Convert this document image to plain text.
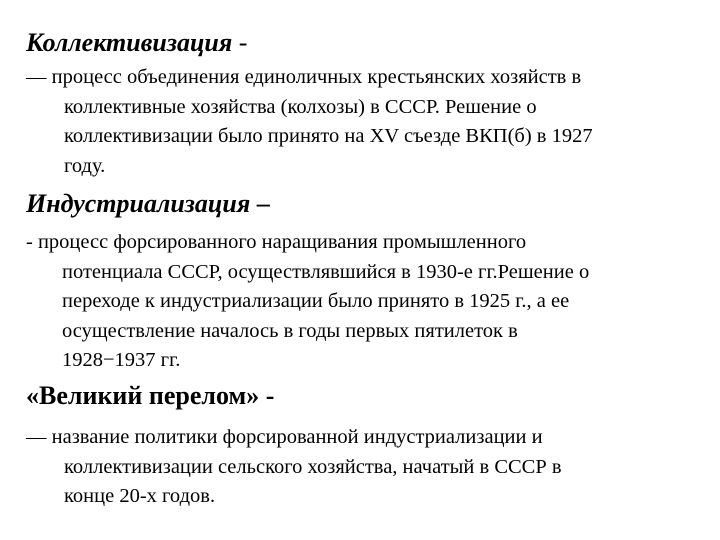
Коллективизация -
— процесс объединения единоличных крестьянских хозяйств в
коллективные хозяйства (колхозы) в СССР. Решение о
коллективизации было принято на XV съезде ВКП(б) в 1927
году.
Индустриализация –
- процесс форсированного наращивания промышленного
потенциала СССР, осуществлявшийся в 1930-е гг.Решение о
переходе к индустриализации было принято в 1925 г., а ее
осуществление началось в годы первых пятилеток в
1928−1937 гг.
«Великий перелом» -
— название политики форсированной индустриализации и
коллективизации сельского хозяйства, начатый в СССР в
конце 20-х годов.
